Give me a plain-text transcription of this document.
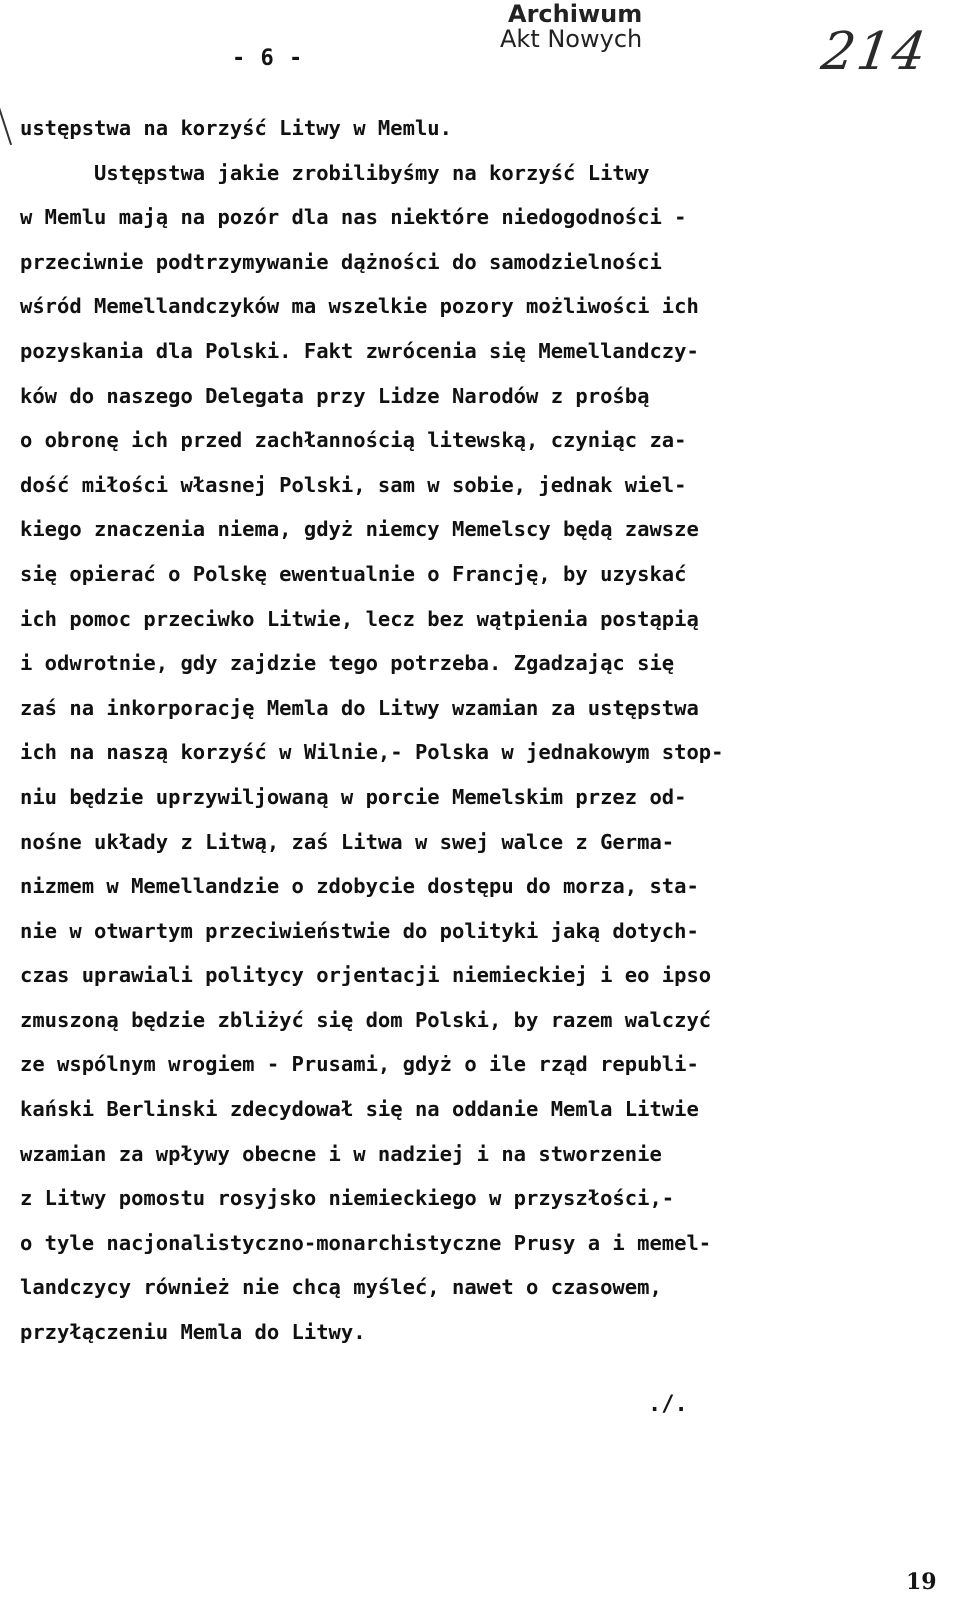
- 6 -
Archiwum
Akt Nowych	214
ustępstwa na korzyść Litwy w Memlu.
Ustępstwa jakie zrobilibyśmy na korzyść Litwy
w Memlu mają na pozór dla nas niektóre niedogodności -
przeciwnie podtrzymywanie dążności do samodzielności
wśród Memellandczyków ma wszelkie pozory możliwości ich
pozyskania dla Polski. Fakt zwrócenia się Memellandczy-
ków do naszego Delegata przy Lidze Narodów z prośbą
o obronę ich przed zachłannością litewską, czyniąc za-
dość miłości własnej Polski, sam w sobie, jednak wiel-
kiego znaczenia niema, gdyż niemcy Memelscy będą zawsze
się opierać o Polskę ewentualnie o Francję, by uzyskać
ich pomoc przeciwko Litwie, lecz bez wątpienia postąpią
i odwrotnie, gdy zajdzie tego potrzeba. Zgadzając się
zaś na inkorporację Memla do Litwy wzamian za ustępstwa
ich na naszą korzyść w Wilnie,- Polska w jednakowym stop-
niu będzie uprzywiljowaną w porcie Memelskim przez od-
nośne układy z Litwą, zaś Litwa w swej walce z Germa-
nizmem w Memellandzie o zdobycie dostępu do morza, sta-
nie w otwartym przeciwieństwie do polityki jaką dotych-
czas uprawiali politycy orjentacji niemieckiej i eo ipso
zmuszoną będzie zbliżyć się dom Polski, by razem walczyć
ze wspólnym wrogiem - Prusami, gdyż o ile rząd republi-
kański Berlinski zdecydował się na oddanie Memla Litwie
wzamian za wpływy obecne i w nadziej i na stworzenie
z Litwy pomostu rosyjsko niemieckiego w przyszłości,-
o tyle nacjonalistyczno-monarchistyczne Prusy a i memel-
landczycy również nie chcą myśleć, nawet o czasowem,
przyłączeniu Memla do Litwy.
./.
19
